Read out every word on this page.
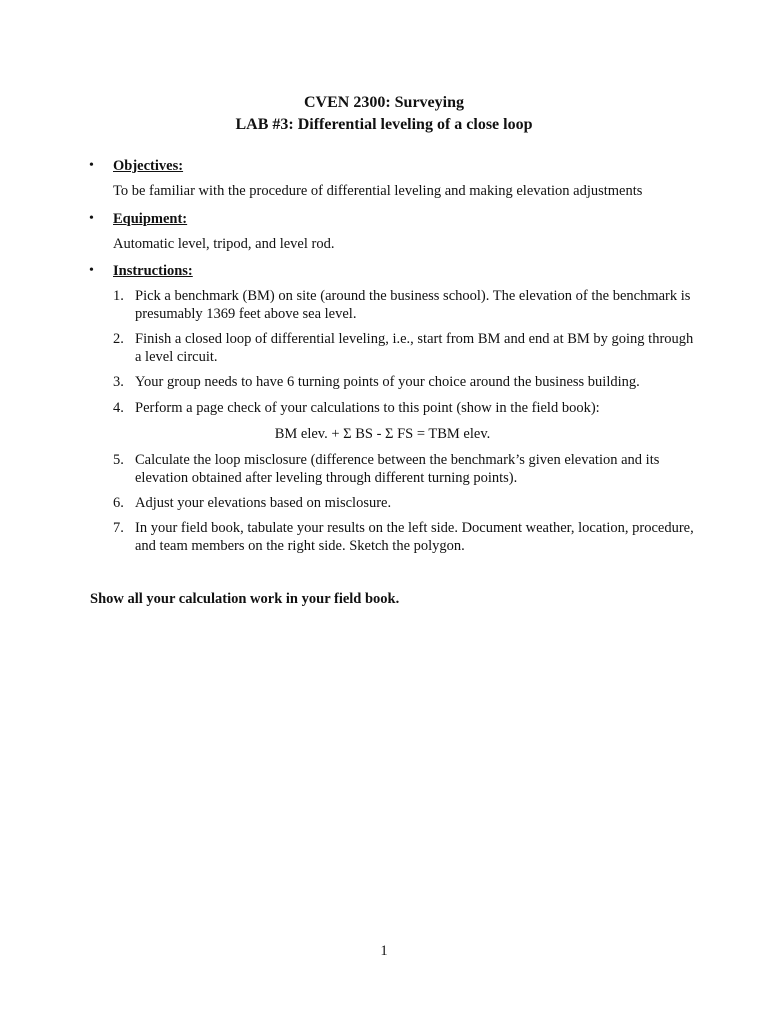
CVEN 2300: Surveying
LAB #3: Differential leveling of a close loop
• Objectives:
To be familiar with the procedure of differential leveling and making elevation adjustments
• Equipment:
Automatic level, tripod, and level rod.
• Instructions:
1. Pick a benchmark (BM) on site (around the business school). The elevation of the benchmark is presumably 1369 feet above sea level.
2. Finish a closed loop of differential leveling, i.e., start from BM and end at BM by going through a level circuit.
3. Your group needs to have 6 turning points of your choice around the business building.
4. Perform a page check of your calculations to this point (show in the field book):
BM elev. + Σ BS - Σ FS = TBM elev.
5. Calculate the loop misclosure (difference between the benchmark’s given elevation and its elevation obtained after leveling through different turning points).
6. Adjust your elevations based on misclosure.
7. In your field book, tabulate your results on the left side. Document weather, location, procedure, and team members on the right side. Sketch the polygon.
Show all your calculation work in your field book.
1
